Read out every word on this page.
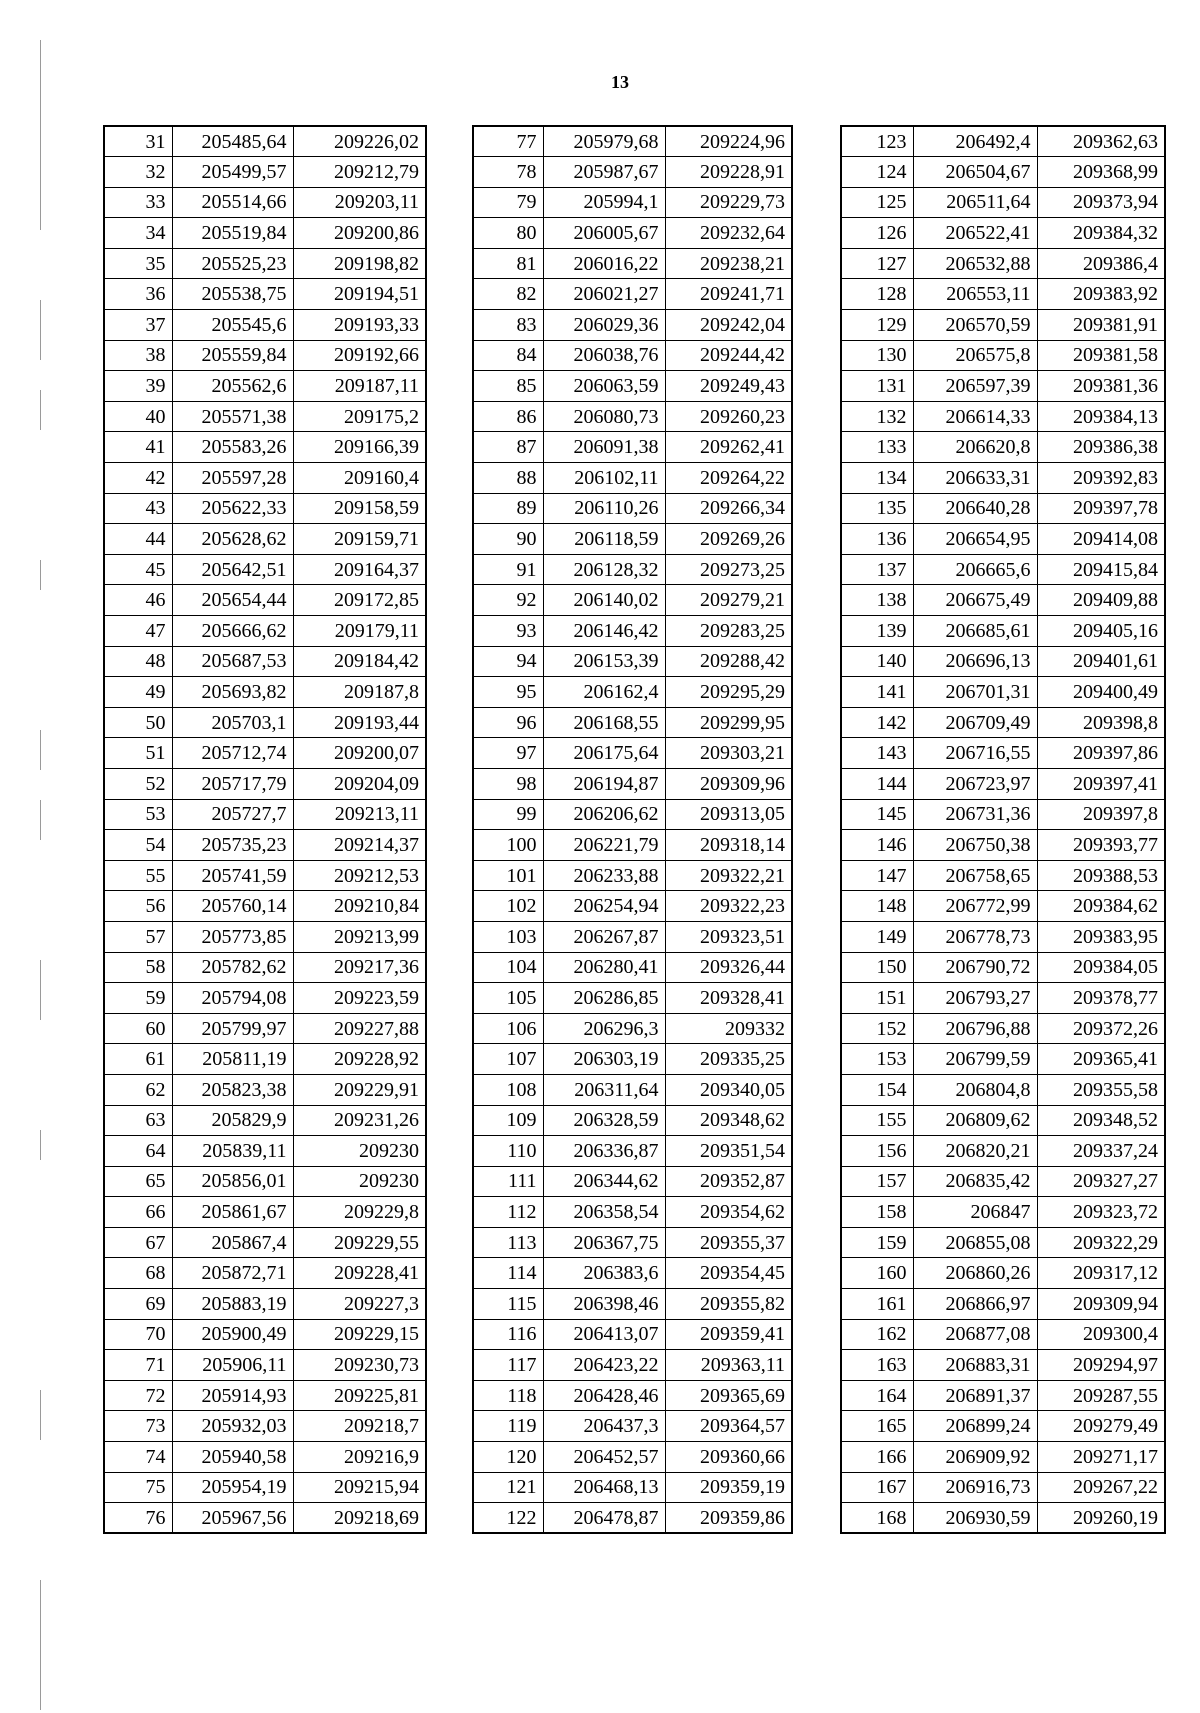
13
31	205485,64	209226,02
32	205499,57	209212,79
33	205514,66	209203,11
34	205519,84	209200,86
35	205525,23	209198,82
36	205538,75	209194,51
37	205545,6	209193,33
38	205559,84	209192,66
39	205562,6	209187,11
40	205571,38	209175,2
41	205583,26	209166,39
42	205597,28	209160,4
43	205622,33	209158,59
44	205628,62	209159,71
45	205642,51	209164,37
46	205654,44	209172,85
47	205666,62	209179,11
48	205687,53	209184,42
49	205693,82	209187,8
50	205703,1	209193,44
51	205712,74	209200,07
52	205717,79	209204,09
53	205727,7	209213,11
54	205735,23	209214,37
55	205741,59	209212,53
56	205760,14	209210,84
57	205773,85	209213,99
58	205782,62	209217,36
59	205794,08	209223,59
60	205799,97	209227,88
61	205811,19	209228,92
62	205823,38	209229,91
63	205829,9	209231,26
64	205839,11	209230
65	205856,01	209230
66	205861,67	209229,8
67	205867,4	209229,55
68	205872,71	209228,41
69	205883,19	209227,3
70	205900,49	209229,15
71	205906,11	209230,73
72	205914,93	209225,81
73	205932,03	209218,7
74	205940,58	209216,9
75	205954,19	209215,94
76	205967,56	209218,69
77	205979,68	209224,96
78	205987,67	209228,91
79	205994,1	209229,73
80	206005,67	209232,64
81	206016,22	209238,21
82	206021,27	209241,71
83	206029,36	209242,04
84	206038,76	209244,42
85	206063,59	209249,43
86	206080,73	209260,23
87	206091,38	209262,41
88	206102,11	209264,22
89	206110,26	209266,34
90	206118,59	209269,26
91	206128,32	209273,25
92	206140,02	209279,21
93	206146,42	209283,25
94	206153,39	209288,42
95	206162,4	209295,29
96	206168,55	209299,95
97	206175,64	209303,21
98	206194,87	209309,96
99	206206,62	209313,05
100	206221,79	209318,14
101	206233,88	209322,21
102	206254,94	209322,23
103	206267,87	209323,51
104	206280,41	209326,44
105	206286,85	209328,41
106	206296,3	209332
107	206303,19	209335,25
108	206311,64	209340,05
109	206328,59	209348,62
110	206336,87	209351,54
111	206344,62	209352,87
112	206358,54	209354,62
113	206367,75	209355,37
114	206383,6	209354,45
115	206398,46	209355,82
116	206413,07	209359,41
117	206423,22	209363,11
118	206428,46	209365,69
119	206437,3	209364,57
120	206452,57	209360,66
121	206468,13	209359,19
122	206478,87	209359,86
123	206492,4	209362,63
124	206504,67	209368,99
125	206511,64	209373,94
126	206522,41	209384,32
127	206532,88	209386,4
128	206553,11	209383,92
129	206570,59	209381,91
130	206575,8	209381,58
131	206597,39	209381,36
132	206614,33	209384,13
133	206620,8	209386,38
134	206633,31	209392,83
135	206640,28	209397,78
136	206654,95	209414,08
137	206665,6	209415,84
138	206675,49	209409,88
139	206685,61	209405,16
140	206696,13	209401,61
141	206701,31	209400,49
142	206709,49	209398,8
143	206716,55	209397,86
144	206723,97	209397,41
145	206731,36	209397,8
146	206750,38	209393,77
147	206758,65	209388,53
148	206772,99	209384,62
149	206778,73	209383,95
150	206790,72	209384,05
151	206793,27	209378,77
152	206796,88	209372,26
153	206799,59	209365,41
154	206804,8	209355,58
155	206809,62	209348,52
156	206820,21	209337,24
157	206835,42	209327,27
158	206847	209323,72
159	206855,08	209322,29
160	206860,26	209317,12
161	206866,97	209309,94
162	206877,08	209300,4
163	206883,31	209294,97
164	206891,37	209287,55
165	206899,24	209279,49
166	206909,92	209271,17
167	206916,73	209267,22
168	206930,59	209260,19
